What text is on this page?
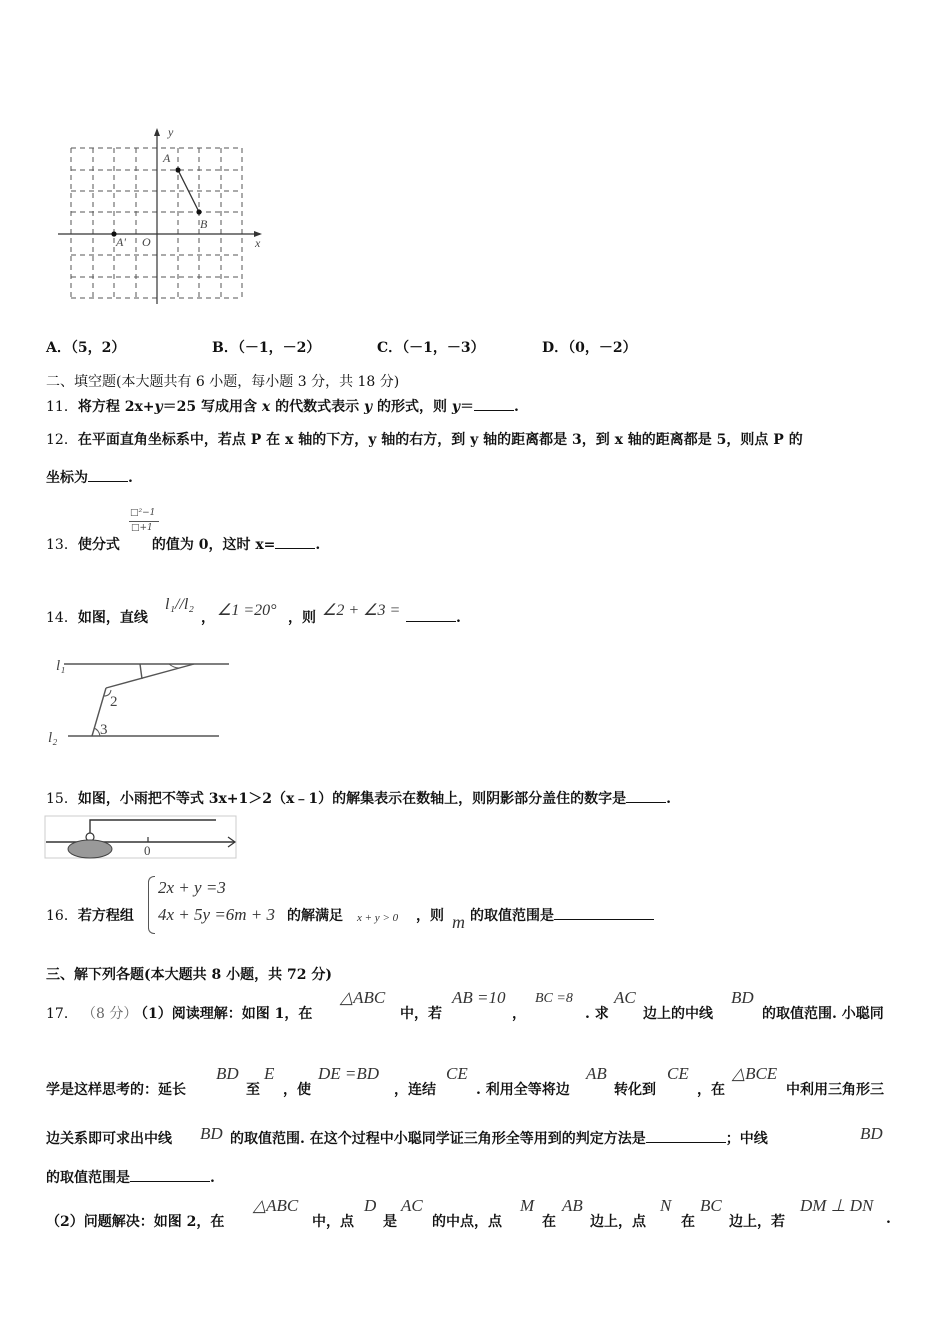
y
x
A
B
A' O
A．（5，2）	B．（－1，－2）	C．（－1，－3）	D．（0，－2）
二、填空题(本大题共有 6 小题，每小题 3 分，共 18 分)
11．将方程 2x+y＝25 写成用含 x 的代数式表示 y 的形式，则 y＝	.
12．在平面直角坐标系中，若点 P 在 x 轴的下方，y 轴的右方，到 y 轴的距离都是 3，到 x 轴的距离都是 5，则点 P 的
坐标为	.
□²−1
□+1
13．使分式 的值为 0，这时 x=	.
14．如图，直线
l₁//l₂
， ∠1 =20° ，则 ∠2 + ∠3 =	.
l₁
l₂
2
3
15．如图，小雨把不等式 3x+1＞2（x﹣1）的解集表示在数轴上，则阴影部分盖住的数字是	.
0
2x + y =3
4x + 5y =6m + 3
16．若方程组	的解满足 x + y > 0 ，则 m 的取值范围是
三、解下列各题(本大题共 8 小题，共 72 分)
17． （8 分）
（1）阅读理解：如图 1，在
△ABC
中，若
AB =10
，
BC =8
. 求
AC
边上的中线
BD
的取值范围. 小聪同
学是这样思考的：延长
BD
至
E
，使
DE =BD
，连结
CE
. 利用全等将边
AB
转化到
CE
，在
△BCE
中利用三角形三
边关系即可求出中线 BD 的取值范围. 在这个过程中小聪同学证三角形全等用到的判定方法是	；中线	BD
的取值范围是	.
（2）问题解决：如图 2，在
△ABC
中，点
D
是
AC
的中点，点
M
在
AB
边上，点
N
在
BC
边上，若
DM ⊥ DN
.
